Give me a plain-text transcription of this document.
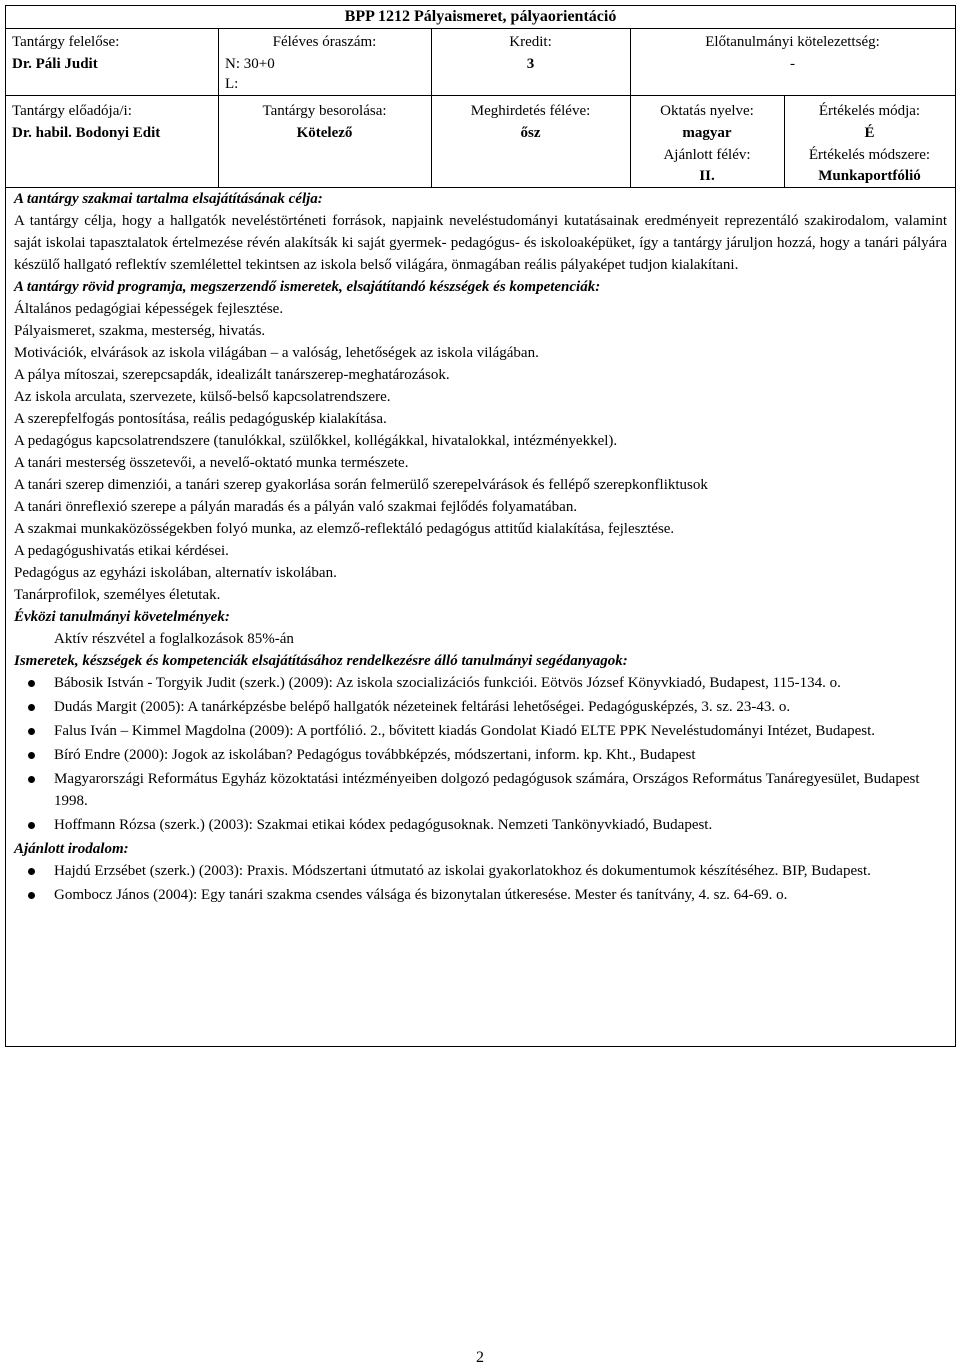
BPP 1212 Pályaismeret, pályaorientáció
Tantárgy felelőse:
Dr. Páli Judit
Féléves óraszám:
N: 30+0
L:
Kredit:
3
Előtanulmányi kötelezettség:
-
Tantárgy előadója/i:
Dr. habil. Bodonyi Edit
Tantárgy besorolása:
Kötelező
Meghirdetés féléve:
ősz
Oktatás nyelve:
magyar
Ajánlott félév:
II.
Értékelés módja:
É
Értékelés módszere:
Munkaportfólió
A tantárgy szakmai tartalma elsajátításának célja:
A tantárgy célja, hogy a hallgatók neveléstörténeti források, napjaink neveléstudományi kutatásainak eredményeit reprezentáló szakirodalom, valamint saját iskolai tapasztalatok értelmezése révén alakítsák ki saját gyermek- pedagógus- és iskoloaképüket, így a tantárgy járuljon hozzá, hogy a tanári pályára készülő hallgató reflektív szemlélettel tekintsen az iskola belső világára, önmagában reális pályaképet tudjon kialakítani.
A tantárgy rövid programja, megszerzendő ismeretek, elsajátítandó készségek és kompetenciák:
Általános pedagógiai képességek fejlesztése.
Pályaismeret, szakma, mesterség, hivatás.
Motivációk, elvárások az iskola világában – a valóság, lehetőségek az iskola világában.
A pálya mítoszai, szerepcsapdák, idealizált tanárszerep-meghatározások.
Az iskola arculata, szervezete, külső-belső kapcsolatrendszere.
A szerepfelfogás pontosítása, reális pedagóguskép kialakítása.
A pedagógus kapcsolatrendszere (tanulókkal, szülőkkel, kollégákkal, hivatalokkal, intézményekkel).
A tanári mesterség összetevői, a nevelő-oktató munka természete.
A tanári szerep dimenziói, a tanári szerep gyakorlása során felmerülő szerepelvárások és fellépő szerepkonfliktusok
A tanári önreflexió szerepe a pályán maradás és a pályán való szakmai fejlődés folyamatában.
A szakmai munkaközösségekben folyó munka, az elemző-reflektáló pedagógus attitűd kialakítása, fejlesztése.
A pedagógushivatás etikai kérdései.
Pedagógus az egyházi iskolában, alternatív iskolában.
Tanárprofilok, személyes életutak.
Évközi tanulmányi követelmények:
Aktív részvétel a foglalkozások 85%-án
Ismeretek, készségek és kompetenciák elsajátításához rendelkezésre álló tanulmányi segédanyagok:
Bábosik István - Torgyik Judit (szerk.) (2009): Az iskola szocializációs funkciói. Eötvös József Könyvkiadó, Budapest, 115-134. o.
Dudás Margit (2005): A tanárképzésbe belépő hallgatók nézeteinek feltárási lehetőségei. Pedagógusképzés, 3. sz. 23-43. o.
Falus Iván – Kimmel Magdolna (2009): A portfólió. 2., bővitett kiadás Gondolat Kiadó ELTE PPK Neveléstudományi Intézet, Budapest.
Bíró Endre (2000): Jogok az iskolában? Pedagógus továbbképzés, módszertani, inform. kp. Kht., Budapest
Magyarországi Református Egyház közoktatási intézményeiben dolgozó pedagógusok számára, Országos Református Tanáregyesület, Budapest 1998.
Hoffmann Rózsa (szerk.) (2003): Szakmai etikai kódex pedagógusoknak. Nemzeti Tankönyvkiadó, Budapest.
Ajánlott irodalom:
Hajdú Erzsébet (szerk.) (2003): Praxis. Módszertani útmutató az iskolai gyakorlatokhoz és dokumentumok készítéséhez. BIP, Budapest.
Gombocz János (2004): Egy tanári szakma csendes válsága és bizonytalan útkeresése. Mester és tanítvány, 4. sz. 64-69. o.
2
